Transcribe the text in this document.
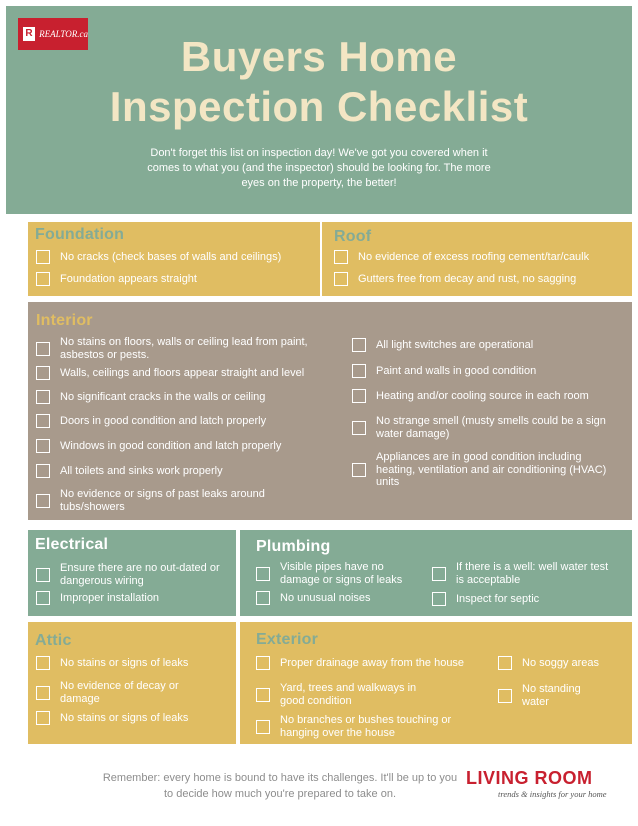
R REALTOR.ca	Buyers Home
Inspection Checklist
Don't forget this list on inspection day! We've got you covered when it comes to what you (and the inspector) should be looking for. The more eyes on the property, the better!
Foundation
No cracks (check bases of walls and ceilings)
Foundation appears straight
Roof
No evidence of excess roofing cement/tar/caulk
Gutters free from decay and rust, no sagging
Interior
No stains on floors, walls or ceiling lead from paint, asbestos or pests.
Walls, ceilings and floors appear straight and level
No significant cracks in the walls or ceiling
Doors in good condition and latch properly
Windows in good condition and latch properly
All toilets and sinks work properly
No evidence or signs of past leaks around tubs/showers
All light switches are operational
Paint and walls in good condition
Heating and/or cooling source in each room
No strange smell (musty smells could be a sign water damage)
Appliances are in good condition including heating, ventilation and air conditioning (HVAC) units
Electrical
Ensure there are no out-dated or dangerous wiring
Improper installation
Plumbing
Visible pipes have no damage or signs of leaks
No unusual noises
If there is a well: well water test is acceptable
Inspect for septic
Attic
No stains or signs of leaks
No evidence of decay or damage
No stains or signs of leaks
Exterior
Proper drainage away from the house
Yard, trees and walkways in good condition
No branches or bushes touching or hanging over the house
No soggy areas
No standing water
Remember: every home is bound to have its challenges. It'll be up to you to decide how much you're prepared to take on.
LIVING ROOM
trends & insights for your home
